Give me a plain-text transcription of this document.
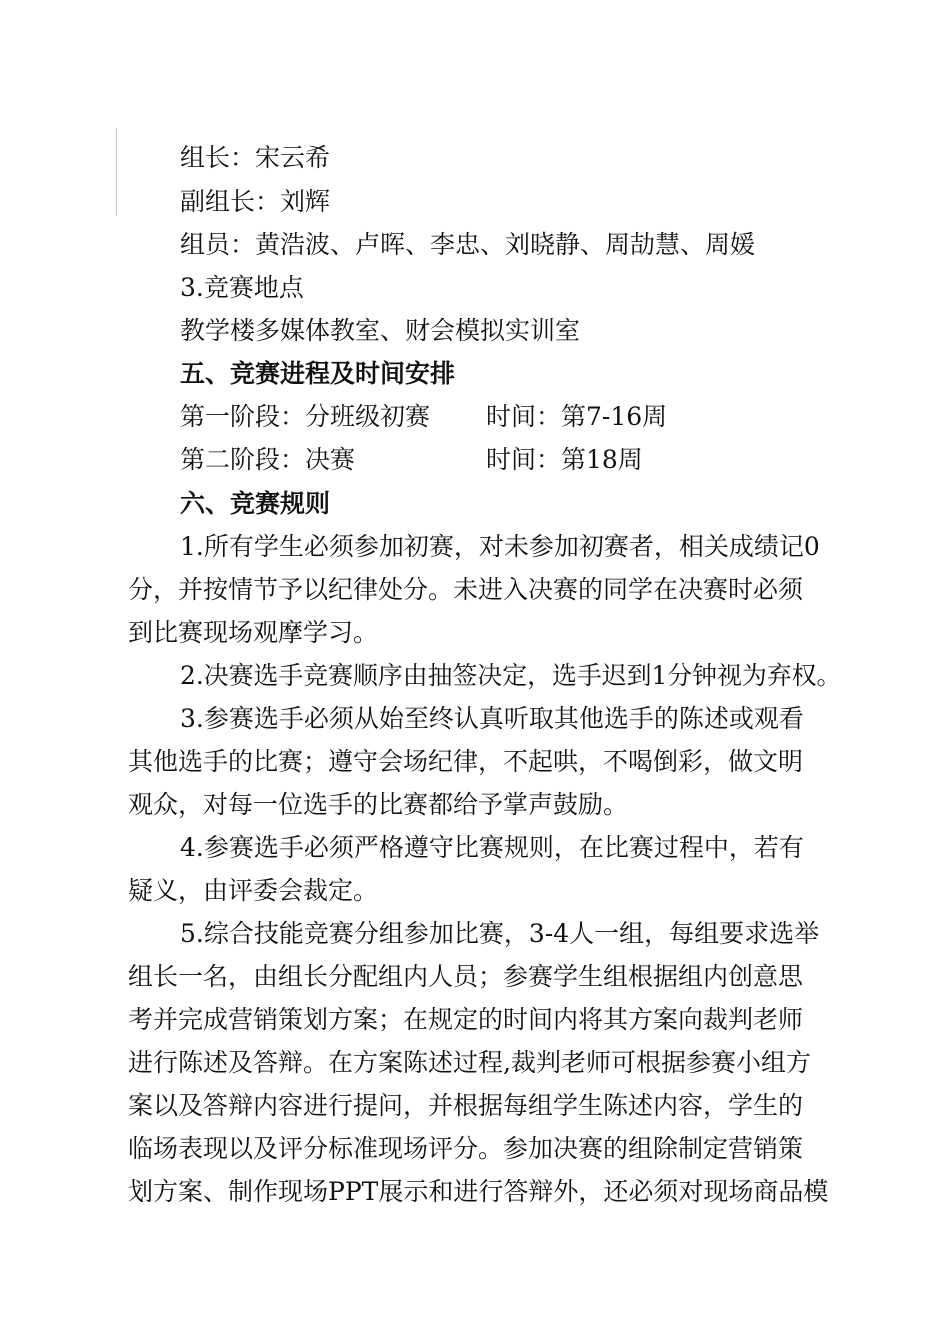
组长：宋云希
副组长：刘辉
组员：黄浩波、卢晖、李忠、刘晓静、周劼慧、周媛
3.竞赛地点
教学楼多媒体教室、财会模拟实训室
五、竞赛进程及时间安排
第一阶段：分班级初赛 时间：第7-16周
第二阶段：决赛	时间：第18周
六、竞赛规则
1.所有学生必须参加初赛，对未参加初赛者，相关成绩记0
分，并按情节予以纪律处分。未进入决赛的同学在决赛时必须
到比赛现场观摩学习。
2.决赛选手竞赛顺序由抽签决定，选手迟到1分钟视为弃权。
3.参赛选手必须从始至终认真听取其他选手的陈述或观看
其他选手的比赛；遵守会场纪律，不起哄，不喝倒彩，做文明
观众，对每一位选手的比赛都给予掌声鼓励。
4.参赛选手必须严格遵守比赛规则，在比赛过程中，若有
疑义，由评委会裁定。
5.综合技能竞赛分组参加比赛，3-4人一组，每组要求选举
组长一名，由组长分配组内人员；参赛学生组根据组内创意思
考并完成营销策划方案；在规定的时间内将其方案向裁判老师
进行陈述及答辩。在方案陈述过程,裁判老师可根据参赛小组方
案以及答辩内容进行提问，并根据每组学生陈述内容，学生的
临场表现以及评分标准现场评分。参加决赛的组除制定营销策
划方案、制作现场PPT展示和进行答辩外，还必须对现场商品模
